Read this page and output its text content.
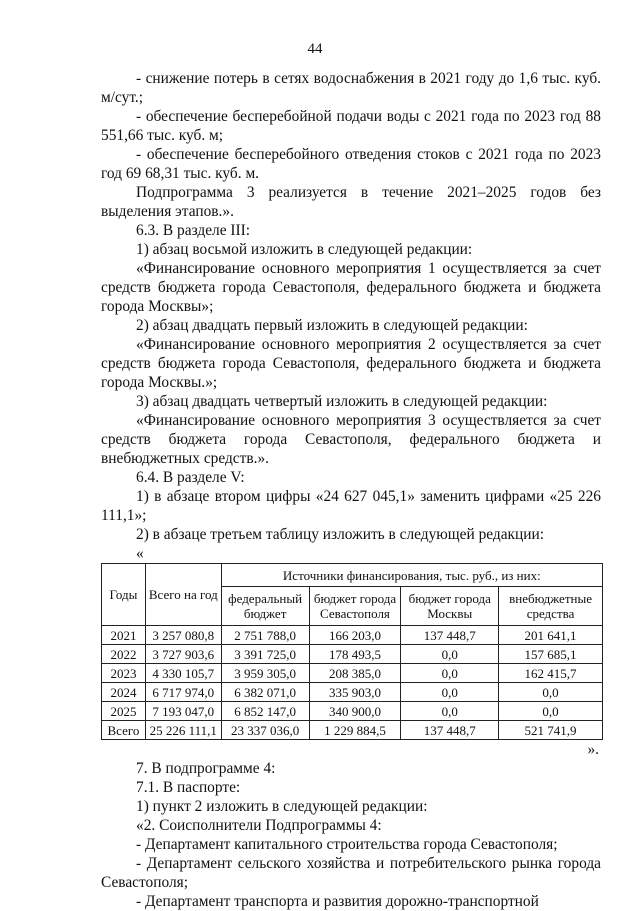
44

- снижение потерь в сетях водоснабжения в 2021 году до 1,6 тыс. куб. м/сут.;

- обеспечение бесперебойной подачи воды с 2021 года по 2023 год 88 551,66 тыс. куб. м;

- обеспечение бесперебойного отведения стоков с 2021 года по 2023 год 69 68,31 тыс. куб. м.

Подпрограмма 3 реализуется в течение 2021–2025 годов без выделения этапов.».

6.3. В разделе III:

1) абзац восьмой изложить в следующей редакции:

«Финансирование основного мероприятия 1 осуществляется за счет средств бюджета города Севастополя, федерального бюджета и бюджета города Москвы»;

2) абзац двадцать первый изложить в следующей редакции:

«Финансирование основного мероприятия 2 осуществляется за счет средств бюджета города Севастополя, федерального бюджета и бюджета города Москвы.»;

3) абзац двадцать четвертый изложить в следующей редакции:

«Финансирование основного мероприятия 3 осуществляется за счет средств бюджета города Севастополя, федерального бюджета и внебюджетных средств.».

6.4. В разделе V:

1) в абзаце втором цифры «24 627 045,1» заменить цифрами «25 226 111,1»;

2) в абзаце третьем таблицу изложить в следующей редакции:

«

Годы	Всего на год	Источники финансирования, тыс. руб., из них:			
		федеральный бюджет	бюджет города Севастополя	бюджет города Москвы	внебюджетные средства
2021	3 257 080,8	2 751 788,0	166 203,0	137 448,7	201 641,1
2022	3 727 903,6	3 391 725,0	178 493,5	0,0	157 685,1
2023	4 330 105,7	3 959 305,0	208 385,0	0,0	162 415,7
2024	6 717 974,0	6 382 071,0	335 903,0	0,0	0,0
2025	7 193 047,0	6 852 147,0	340 900,0	0,0	0,0
Всего	25 226 111,1	23 337 036,0	1 229 884,5	137 448,7	521 741,9

».

7. В подпрограмме 4:

7.1. В паспорте:

1) пункт 2 изложить в следующей редакции:

«2. Соисполнители Подпрограммы 4:

- Департамент капитального строительства города Севастополя;

- Департамент сельского хозяйства и потребительского рынка города Севастополя;

- Департамент транспорта и развития дорожно-транспортной
